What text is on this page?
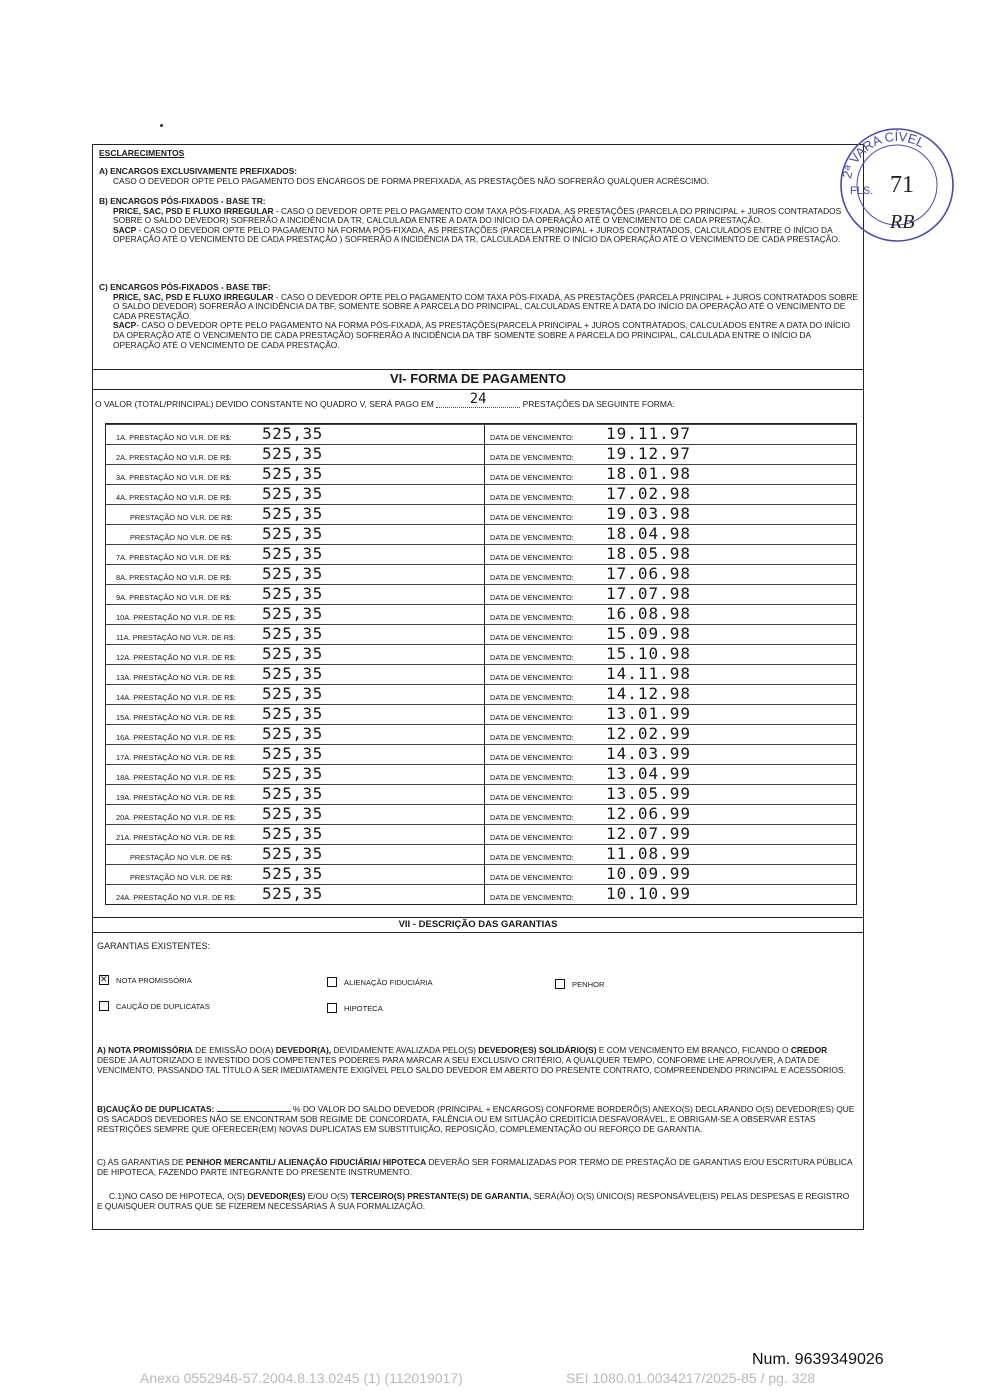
ESCLARECIMENTOS
A) ENCARGOS EXCLUSIVAMENTE PREFIXADOS:
CASO O DEVEDOR OPTE PELO PAGAMENTO DOS ENCARGOS DE FORMA PREFIXADA, AS PRESTAÇÕES NÃO SOFRERÃO QUALQUER ACRÉSCIMO.
B) ENCARGOS PÓS-FIXADOS - BASE TR:
PRICE, SAC, PSD E FLUXO IRREGULAR - CASO O DEVEDOR OPTE PELO PAGAMENTO COM TAXA PÓS-FIXADA, AS PRESTAÇÕES (PARCELA DO PRINCIPAL + JUROS CONTRATADOS SOBRE O SALDO DEVEDOR) SOFRERÃO A INCIDÊNCIA DA TR, CALCULADA ENTRE A DATA DO INÍCIO DA OPERAÇÃO ATÉ O VENCIMENTO DE CADA PRESTAÇÃO.
SACP - CASO O DEVEDOR OPTE PELO PAGAMENTO NA FORMA PÓS-FIXADA, AS PRESTAÇÕES (PARCELA PRINCIPAL + JUROS CONTRATADOS, CALCULADOS ENTRE O INÍCIO DA OPERAÇÃO ATÉ O VENCIMENTO DE CADA PRESTAÇÃO ) SOFRERÃO A INCIDÊNCIA DA TR, CALCULADA ENTRE O INÍCIO DA OPERAÇÃO ATÉ O VENCIMENTO DE CADA PRESTAÇÃO.
C) ENCARGOS PÓS-FIXADOS - BASE TBF:
PRICE, SAC, PSD E FLUXO IRREGULAR - CASO O DEVEDOR OPTE PELO PAGAMENTO COM TAXA PÓS-FIXADA, AS PRESTAÇÕES (PARCELA PRINCIPAL + JUROS CONTRATADOS SOBRE O SALDO DEVEDOR) SOFRERÃO A INCIDÊNCIA DA TBF, SOMENTE SOBRE A PARCELA DO PRINCIPAL, CALCULADAS ENTRE A DATA DO INÍCIO DA OPERAÇÃO ATÉ O VENCIMENTO DE CADA PRESTAÇÃO.
SACP- CASO O DEVEDOR OPTE PELO PAGAMENTO NA FORMA PÓS-FIXADA, AS PRESTAÇÕES(PARCELA PRINCIPAL + JUROS CONTRATADOS, CALCULADOS ENTRE A DATA DO INÍCIO DA OPERAÇÃO ATÉ O VENCIMENTO DE CADA PRESTAÇÃO) SOFRERÃO A INCIDÊNCIA DA TBF SOMENTE SOBRE A PARCELA DO PRINCIPAL, CALCULADA ENTRE O INÍCIO DA OPERAÇÃO ATÉ O VENCIMENTO DE CADA PRESTAÇÃO.
VI- FORMA DE PAGAMENTO
O VALOR (TOTAL/PRINCIPAL) DEVIDO CONSTANTE NO QUADRO V, SERÁ PAGO EM	24	PRESTAÇÕES DA SEGUINTE FORMA:
1A. PRESTAÇÃO NO VLR. DE R$: 525,35	DATA DE VENCIMENTO: 19.11.97
2A. PRESTAÇÃO NO VLR. DE R$: 525,35	DATA DE VENCIMENTO: 19.12.97
3A. PRESTAÇÃO NO VLR. DE R$: 525,35	DATA DE VENCIMENTO: 18.01.98
4A. PRESTAÇÃO NO VLR. DE R$: 525,35	DATA DE VENCIMENTO: 17.02.98
PRESTAÇÃO NO VLR. DE R$: 525,35	DATA DE VENCIMENTO: 19.03.98
PRESTAÇÃO NO VLR. DE R$: 525,35	DATA DE VENCIMENTO: 18.04.98
7A. PRESTAÇÃO NO VLR. DE R$: 525,35	DATA DE VENCIMENTO: 18.05.98
8A. PRESTAÇÃO NO VLR. DE R$: 525,35	DATA DE VENCIMENTO: 17.06.98
9A. PRESTAÇÃO NO VLR. DE R$: 525,35	DATA DE VENCIMENTO: 17.07.98
10A. PRESTAÇÃO NO VLR. DE R$: 525,35	DATA DE VENCIMENTO: 16.08.98
11A. PRESTAÇÃO NO VLR. DE R$: 525,35	DATA DE VENCIMENTO: 15.09.98
12A. PRESTAÇÃO NO VLR. DE R$: 525,35	DATA DE VENCIMENTO: 15.10.98
13A. PRESTAÇÃO NO VLR. DE R$: 525,35	DATA DE VENCIMENTO: 14.11.98
14A. PRESTAÇÃO NO VLR. DE R$: 525,35	DATA DE VENCIMENTO: 14.12.98
15A. PRESTAÇÃO NO VLR. DE R$: 525,35	DATA DE VENCIMENTO: 13.01.99
16A. PRESTAÇÃO NO VLR. DE R$: 525,35	DATA DE VENCIMENTO: 12.02.99
17A. PRESTAÇÃO NO VLR. DE R$: 525,35	DATA DE VENCIMENTO: 14.03.99
18A. PRESTAÇÃO NO VLR. DE R$: 525,35	DATA DE VENCIMENTO: 13.04.99
19A. PRESTAÇÃO NO VLR. DE R$: 525,35	DATA DE VENCIMENTO: 13.05.99
20A. PRESTAÇÃO NO VLR. DE R$: 525,35	DATA DE VENCIMENTO: 12.06.99
21A. PRESTAÇÃO NO VLR. DE R$: 525,35	DATA DE VENCIMENTO: 12.07.99
PRESTAÇÃO NO VLR. DE R$: 525,35	DATA DE VENCIMENTO: 11.08.99
PRESTAÇÃO NO VLR. DE R$: 525,35	DATA DE VENCIMENTO: 10.09.99
24A. PRESTAÇÃO NO VLR. DE R$: 525,35	DATA DE VENCIMENTO: 10.10.99
VII - DESCRIÇÃO DAS GARANTIAS
GARANTIAS EXISTENTES:
✕
NOTA PROMISSÓRIA	ALIENAÇÃO FIDUCIÁRIA	PENHOR
CAUÇÃO DE DUPLICATAS	HIPOTECA
A) NOTA PROMISSÓRIA DE EMISSÃO DO(A) DEVEDOR(A), DEVIDAMENTE AVALIZADA PELO(S) DEVEDOR(ES) SOLIDÁRIO(S) E COM VENCIMENTO EM BRANCO, FICANDO O CREDOR DESDE JÁ AUTORIZADO E INVESTIDO DOS COMPETENTES PODERES PARA MARCAR A SEU EXCLUSIVO CRITÉRIO, A QUALQUER TEMPO, CONFORME LHE APROUVER, A DATA DE VENCIMENTO, PASSANDO TAL TÍTULO A SER IMEDIATAMENTE EXIGÍVEL PELO SALDO DEVEDOR EM ABERTO DO PRESENTE CONTRATO, COMPREENDENDO PRINCIPAL E ACESSÓRIOS.
B)CAUÇÃO DE DUPLICATAS:	% DO VALOR DO SALDO DEVEDOR (PRINCIPAL + ENCARGOS) CONFORME BORDERÔ(S) ANEXO(S) DECLARANDO O(S) DEVEDOR(ES) QUE OS SACADOS DEVEDORES NÃO SE ENCONTRAM SOB REGIME DE CONCORDATA, FALÊNCIA OU EM SITUAÇÃO CREDITÍCIA DESFAVORÁVEL, E OBRIGAM-SE A OBSERVAR ESTAS RESTRIÇÕES SEMPRE QUE OFERECER(EM) NOVAS DUPLICATAS EM SUBSTITUIÇÃO, REPOSIÇÃO, COMPLEMENTAÇÃO OU REFORÇO DE GARANTIA.
C) AS GARANTIAS DE PENHOR MERCANTIL/ ALIENAÇÃO FIDUCIÁRIA/ HIPOTECA DEVERÃO SER FORMALIZADAS POR TERMO DE PRESTAÇÃO DE GARANTIAS E/OU ESCRITURA PÚBLICA DE HIPOTECA, FAZENDO PARTE INTEGRANTE DO PRESENTE INSTRUMENTO.
C.1)NO CASO DE HIPOTECA, O(S) DEVEDOR(ES) E/OU O(S) TERCEIRO(S) PRESTANTE(S) DE GARANTIA, SERÁ(ÃO) O(S) ÚNICO(S) RESPONSÁVEL(EIS) PELAS DESPESAS E REGISTRO E QUAISQUER OUTRAS QUE SE FIZEREM NECESSÁRIAS À SUA FORMALIZAÇÃO.
2ª VARA CÍVEL
FLS. 71
RB
Num. 9639349026
Anexo 0552946-57.2004.8.13.0245 (1) (112019017)	SEI 1080.01.0034217/2025-85 / pg. 328
